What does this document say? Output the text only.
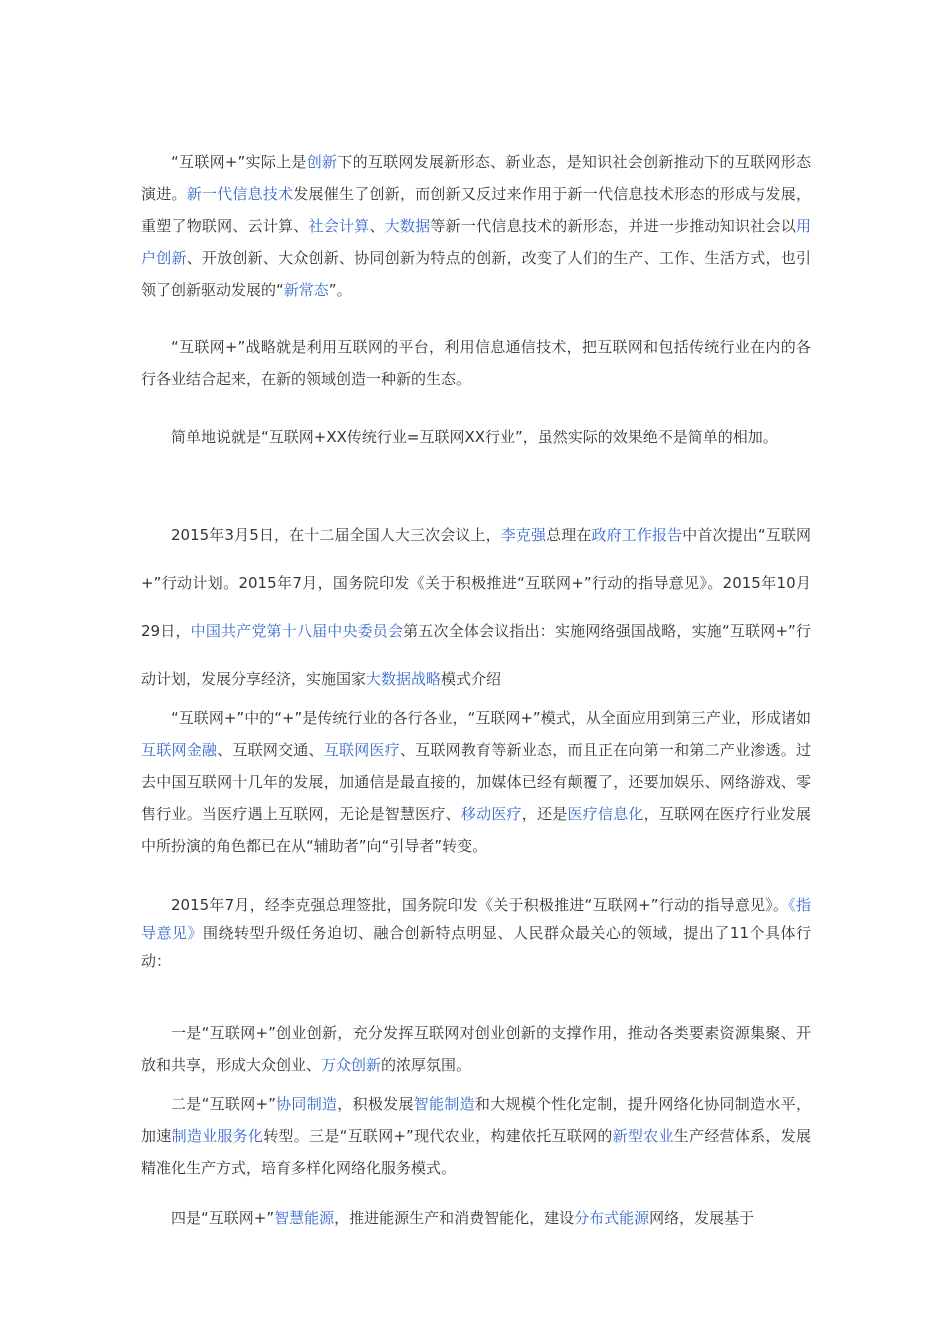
“互联网+”实际上是创新下的互联网发展新形态、新业态，是知识社会创新推动下的互联网形态演进。新一代信息技术发展催生了创新，而创新又反过来作用于新一代信息技术形态的形成与发展，重塑了物联网、云计算、社会计算、大数据等新一代信息技术的新形态，并进一步推动知识社会以用户创新、开放创新、大众创新、协同创新为特点的创新，改变了人们的生产、工作、生活方式，也引领了创新驱动发展的“新常态”。

“互联网+”战略就是利用互联网的平台，利用信息通信技术，把互联网和包括传统行业在内的各行各业结合起来，在新的领域创造一种新的生态。

简单地说就是“互联网+XX传统行业=互联网XX行业”，虽然实际的效果绝不是简单的相加。

2015年3月5日，在十二届全国人大三次会议上，李克强总理在政府工作报告中首次提出“互联网+”行动计划。2015年7月，国务院印发《关于积极推进“互联网+”行动的指导意见》。2015年10月29日，中国共产党第十八届中央委员会第五次全体会议指出：实施网络强国战略，实施“互联网+”行动计划，发展分享经济，实施国家大数据战略模式介绍

“互联网+”中的“+”是传统行业的各行各业，“互联网+”模式，从全面应用到第三产业，形成诸如互联网金融、互联网交通、互联网医疗、互联网教育等新业态，而且正在向第一和第二产业渗透。过去中国互联网十几年的发展，加通信是最直接的，加媒体已经有颠覆了，还要加娱乐、网络游戏、零售行业。当医疗遇上互联网，无论是智慧医疗、移动医疗，还是医疗信息化，互联网在医疗行业发展中所扮演的角色都已在从“辅助者”向“引导者”转变。

2015年7月，经李克强总理签批，国务院印发《关于积极推进“互联网+”行动的指导意见》。《指导意见》围绕转型升级任务迫切、融合创新特点明显、人民群众最关心的领域，提出了11个具体行动：

一是“互联网+”创业创新，充分发挥互联网对创业创新的支撑作用，推动各类要素资源集聚、开放和共享，形成大众创业、万众创新的浓厚氛围。

二是“互联网+”协同制造，积极发展智能制造和大规模个性化定制，提升网络化协同制造水平，加速制造业服务化转型。三是“互联网+”现代农业，构建依托互联网的新型农业生产经营体系，发展精准化生产方式，培育多样化网络化服务模式。

四是“互联网+”智慧能源，推进能源生产和消费智能化，建设分布式能源网络，发展基于
